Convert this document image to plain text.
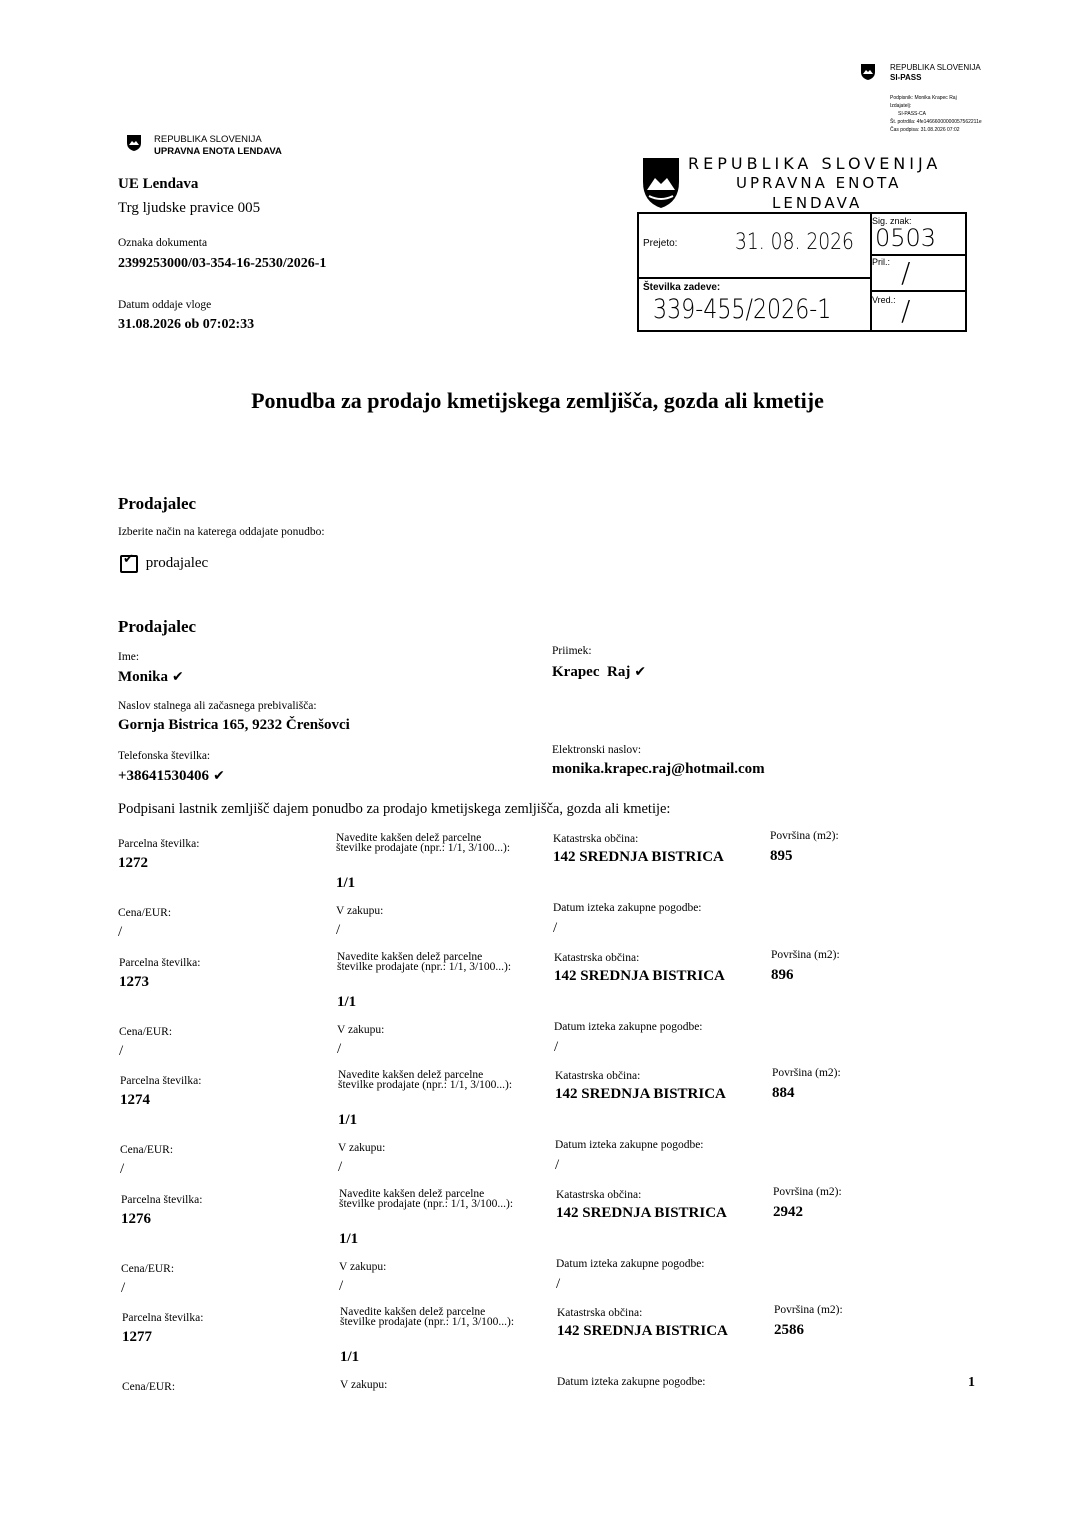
REPUBLIKA SLOVENIJA
SI-PASS
Podpisnik: Monika Krapec Raj
Izdajatelj:
SI-PASS-CA
Št. potrdila: 4fe14666000000057562211e
Čas podpisa: 31.08.2026 07:02
REPUBLIKA SLOVENIJA
UPRAVNA ENOTA LENDAVA
UE Lendava
Trg ljudske pravice 005
Oznaka dokumenta
2399253000/03-354-16-2530/2026-1
Datum oddaje vloge
31.08.2026 ob 07:02:33
REPUBLIKA SLOVENIJA
UPRAVNA ENOTA
LENDAVA
Prejeto:	31. 08. 2026
Sig. znak:
0503
Pril.: /
Številka zadeve:
339-455/2026-1	Vred.: /
Ponudba za prodajo kmetijskega zemljišča, gozda ali kmetije
Prodajalec
Izberite način na katerega oddajate ponudbo:
✔ prodajalec
Prodajalec
Ime:
Monika ✔
Priimek:
Krapec  Raj ✔
Naslov stalnega ali začasnega prebivališča:
Gornja Bistrica 165, 9232 Črenšovci
Telefonska številka:
+38641530406 ✔
Elektronski naslov:
monika.krapec.raj@hotmail.com
Podpisani lastnik zemljišč dajem ponudbo za prodajo kmetijskega zemljišča, gozda ali kmetije:
Parcelna številka:
1272
Navedite kakšen delež parcelne številke prodajate (npr.: 1/1, 3/100...):
1/1
Katastrska občina:
142 SREDNJA BISTRICA
Površina (m2):
895
Cena/EUR:
/
V zakupu:
/
Datum izteka zakupne pogodbe:
/
Parcelna številka:
1273
Navedite kakšen delež parcelne številke prodajate (npr.: 1/1, 3/100...):
1/1
Katastrska občina:
142 SREDNJA BISTRICA
Površina (m2):
896
Cena/EUR:
/
V zakupu:
/
Datum izteka zakupne pogodbe:
/
Parcelna številka:
1274
Navedite kakšen delež parcelne številke prodajate (npr.: 1/1, 3/100...):
1/1
Katastrska občina:
142 SREDNJA BISTRICA
Površina (m2):
884
Cena/EUR:
/
V zakupu:
/
Datum izteka zakupne pogodbe:
/
Parcelna številka:
1276
Navedite kakšen delež parcelne številke prodajate (npr.: 1/1, 3/100...):
1/1
Katastrska občina:
142 SREDNJA BISTRICA
Površina (m2):
2942
Cena/EUR:
/
V zakupu:
/
Datum izteka zakupne pogodbe:
/
Parcelna številka:
1277
Navedite kakšen delež parcelne številke prodajate (npr.: 1/1, 3/100...):
1/1
Katastrska občina:
142 SREDNJA BISTRICA
Površina (m2):
2586
Cena/EUR:	V zakupu:	Datum izteka zakupne pogodbe:	1
